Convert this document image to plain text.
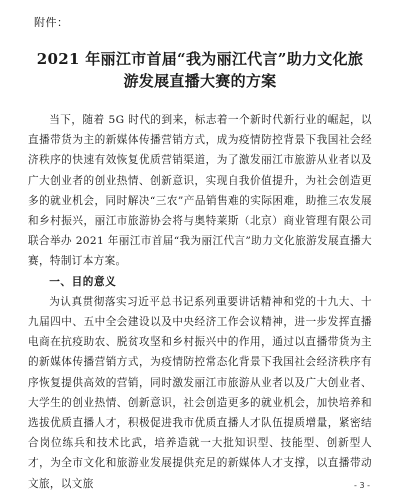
附件：
2021 年丽江市首届“我为丽江代言”助力文化旅
游发展直播大赛的方案

当下，随着 5G 时代的到来，标志着一个新时代新行业的崛起，以直播带货为主的新媒体传播营销方式，成为疫情防控背景下我国社会经济秩序的快速有效恢复优质营销渠道，为了激发丽江市旅游从业者以及广大创业者的创业热情、创新意识，实现自我价值提升，为社会创造更多的就业机会，同时解决“三农”产品销售难的实际困难，助推三农发展和乡村振兴，丽江市旅游协会将与奥特莱斯（北京）商业管理有限公司联合举办 2021 年丽江市首届“我为丽江代言”助力文化旅游发展直播大赛，特制订本方案。

一、目的意义

为认真贯彻落实习近平总书记系列重要讲话精神和党的十九大、十九届四中、五中全会建设以及中央经济工作会议精神，进一步发挥直播电商在抗疫助农、脱贫攻坚和乡村振兴中的作用，通过以直播带货为主的新媒体传播营销方式，为疫情防控常态化背景下我国社会经济秩序有序恢复提供高效的营销，同时激发丽江市旅游从业者以及广大创业者、大学生的创业热情、创新意识，社会创造更多的就业机会，加快培养和选拔优质直播人才，积极促进我市优质直播人才队伍提质增量，紧密结合岗位练兵和技术比武，培养造就一大批知识型、技能型、创新型人才，为全市文化和旅游业发展提供充足的新媒体人才支撑，以直播带动文旅，以文旅	- 3 -
